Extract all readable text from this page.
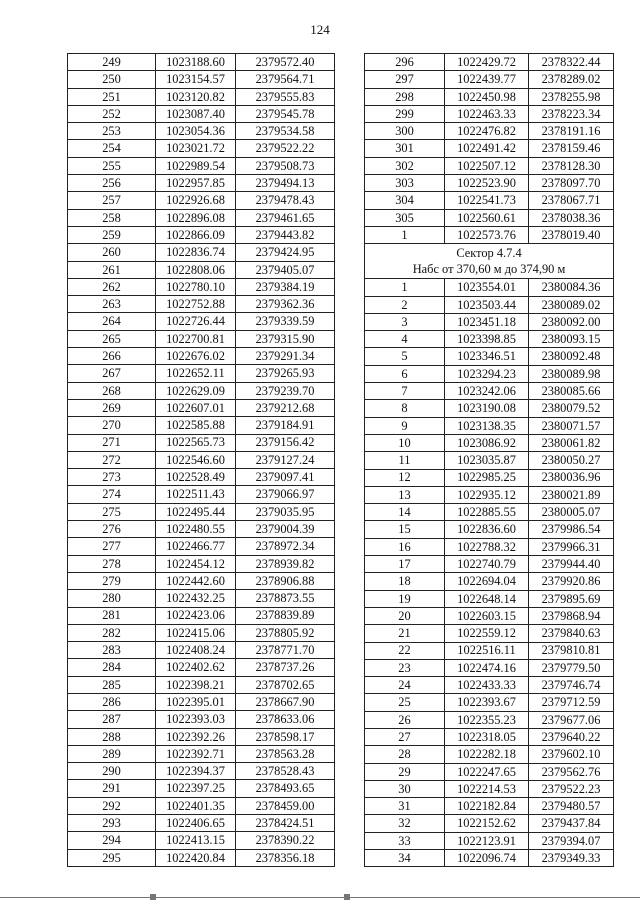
124
249	1023188.60	2379572.40
250	1023154.57	2379564.71
251	1023120.82	2379555.83
252	1023087.40	2379545.78
253	1023054.36	2379534.58
254	1023021.72	2379522.22
255	1022989.54	2379508.73
256	1022957.85	2379494.13
257	1022926.68	2379478.43
258	1022896.08	2379461.65
259	1022866.09	2379443.82
260	1022836.74	2379424.95
261	1022808.06	2379405.07
262	1022780.10	2379384.19
263	1022752.88	2379362.36
264	1022726.44	2379339.59
265	1022700.81	2379315.90
266	1022676.02	2379291.34
267	1022652.11	2379265.93
268	1022629.09	2379239.70
269	1022607.01	2379212.68
270	1022585.88	2379184.91
271	1022565.73	2379156.42
272	1022546.60	2379127.24
273	1022528.49	2379097.41
274	1022511.43	2379066.97
275	1022495.44	2379035.95
276	1022480.55	2379004.39
277	1022466.77	2378972.34
278	1022454.12	2378939.82
279	1022442.60	2378906.88
280	1022432.25	2378873.55
281	1022423.06	2378839.89
282	1022415.06	2378805.92
283	1022408.24	2378771.70
284	1022402.62	2378737.26
285	1022398.21	2378702.65
286	1022395.01	2378667.90
287	1022393.03	2378633.06
288	1022392.26	2378598.17
289	1022392.71	2378563.28
290	1022394.37	2378528.43
291	1022397.25	2378493.65
292	1022401.35	2378459.00
293	1022406.65	2378424.51
294	1022413.15	2378390.22
295	1022420.84	2378356.18
296	1022429.72	2378322.44
297	1022439.77	2378289.02
298	1022450.98	2378255.98
299	1022463.33	2378223.34
300	1022476.82	2378191.16
301	1022491.42	2378159.46
302	1022507.12	2378128.30
303	1022523.90	2378097.70
304	1022541.73	2378067.71
305	1022560.61	2378038.36
1	1022573.76	2378019.40

Сектор 4.7.4
Набс от 370,60 м до 374,90 м		

1	1023554.01	2380084.36
2	1023503.44	2380089.02
3	1023451.18	2380092.00
4	1023398.85	2380093.15
5	1023346.51	2380092.48
6	1023294.23	2380089.98
7	1023242.06	2380085.66
8	1023190.08	2380079.52
9	1023138.35	2380071.57
10	1023086.92	2380061.82
11	1023035.87	2380050.27
12	1022985.25	2380036.96
13	1022935.12	2380021.89
14	1022885.55	2380005.07
15	1022836.60	2379986.54
16	1022788.32	2379966.31
17	1022740.79	2379944.40
18	1022694.04	2379920.86
19	1022648.14	2379895.69
20	1022603.15	2379868.94
21	1022559.12	2379840.63
22	1022516.11	2379810.81
23	1022474.16	2379779.50
24	1022433.33	2379746.74
25	1022393.67	2379712.59
26	1022355.23	2379677.06
27	1022318.05	2379640.22
28	1022282.18	2379602.10
29	1022247.65	2379562.76
30	1022214.53	2379522.23
31	1022182.84	2379480.57
32	1022152.62	2379437.84
33	1022123.91	2379394.07
34	1022096.74	2379349.33
